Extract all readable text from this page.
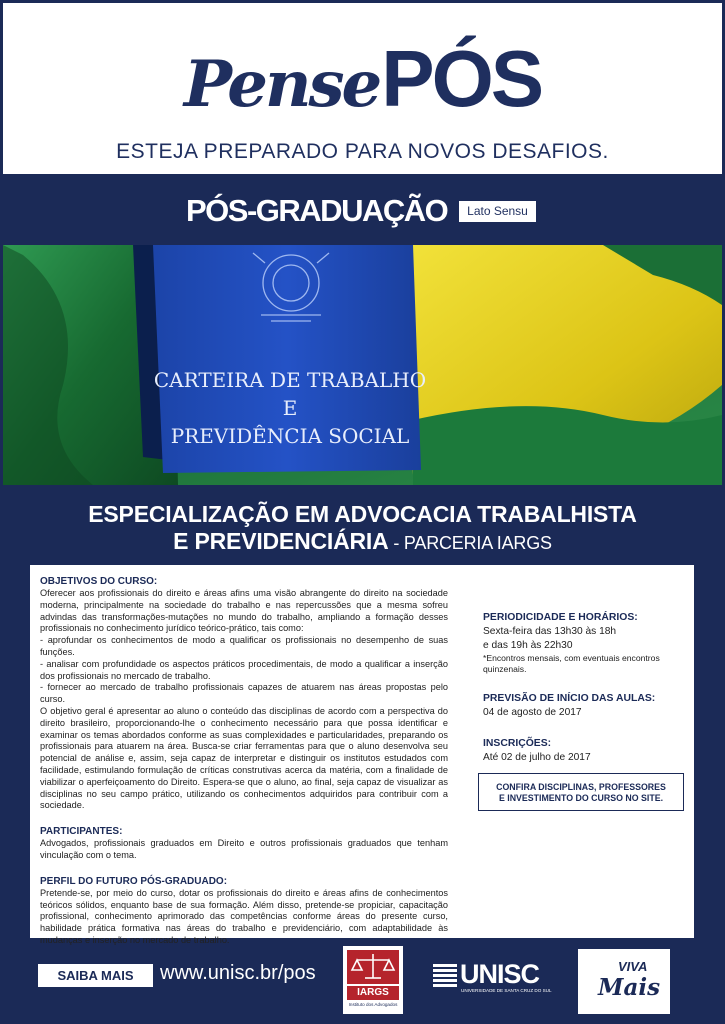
PensePÓS
ESTEJA PREPARADO PARA NOVOS DESAFIOS.
PÓS-GRADUAÇÃO	Lato Sensu
CARTEIRA DE TRABALHO
E
PREVIDÊNCIA SOCIAL
ESPECIALIZAÇÃO EM ADVOCACIA TRABALHISTA
E PREVIDENCIÁRIA - PARCERIA IARGS
OBJETIVOS DO CURSO:

Oferecer aos profissionais do direito e áreas afins uma visão abrangente do direito na sociedade moderna, principalmente na sociedade do trabalho e nas repercussões que a mesma sofreu advindas das transformações-mutações no mundo do trabalho, ampliando a formação desses profissionais no conhecimento jurídico teórico-prático, tais como:

- aprofundar os conhecimentos de modo a qualificar os profissionais no desempenho de suas funções.

- analisar com profundidade os aspectos práticos procedimentais, de modo a qualificar a inserção dos profissionais no mercado de trabalho.

- fornecer ao mercado de trabalho profissionais capazes de atuarem nas áreas propostas pelo curso.

O objetivo geral é apresentar ao aluno o conteúdo das disciplinas de acordo com a perspectiva do direito brasileiro, proporcionando-lhe o conhecimento necessário para que possa identificar e examinar os temas abordados conforme as suas complexidades e particularidades, preparando os profissionais para atuarem na área. Busca-se criar ferramentas para que o aluno desenvolva seu potencial de análise e, assim, seja capaz de interpretar e distinguir os institutos estudados com facilidade, estimulando formulação de críticas construtivas acerca da matéria, com a finalidade de viabilizar o aperfeiçoamento do Direito. Espera-se que o aluno, ao final, seja capaz de visualizar as disciplinas no seu campo prático, utilizando os conhecimentos adquiridos para contribuir com a sociedade.

PARTICIPANTES:

Advogados, profissionais graduados em Direito e outros profissionais graduados que tenham vinculação com o tema.

PERFIL DO FUTURO PÓS-GRADUADO:

Pretende-se, por meio do curso, dotar os profissionais do direito e áreas afins de conhecimentos teóricos sólidos, enquanto base de sua formação. Além disso, pretende-se propiciar, capacitação profissional, conhecimento aprimorado das competências conforme áreas do presente curso, habilidade prática formativa nas áreas do trabalho e previdenciário, com adaptabilidade às mudanças e inserção no mercado de trabalho.

PERIODICIDADE E HORÁRIOS:
Sexta-feira das 13h30 às 18h
e das 19h às 22h30
*Encontros mensais, com eventuais encontros quinzenais.
PREVISÃO DE INÍCIO DAS AULAS:
04 de agosto de 2017
INSCRIÇÕES:
Até 02 de julho de 2017
CONFIRA DISCIPLINAS, PROFESSORES
E INVESTIMENTO DO CURSO NO SITE.
SAIBA MAIS	www.unisc.br/pos
IARGS
Instituto dos Advogados
UNISC
UNIVERSIDADE DE SANTA CRUZ DO SUL
VIVA
Mais
